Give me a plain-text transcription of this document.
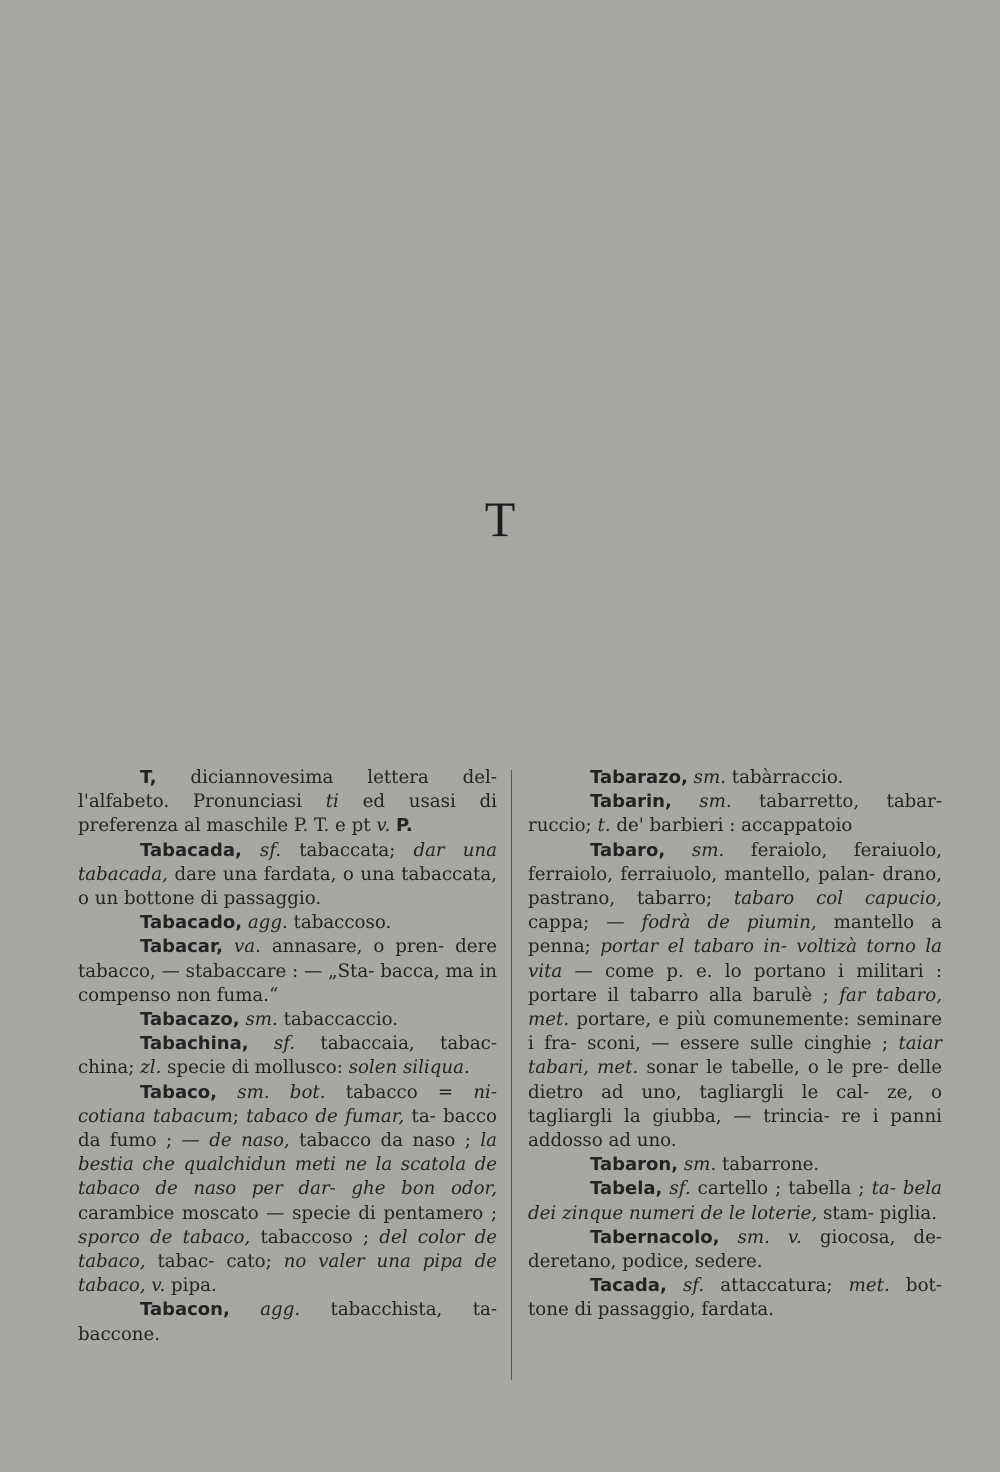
T

T, diciannovesima lettera del- l'alfabeto. Pronunciasi ti ed usasi di preferenza al maschile P. T. e pt v. P.

Tabacada, sf. tabaccata; dar una tabacada, dare una fardata, o una tabaccata, o un bottone di passaggio.

Tabacado, agg. tabaccoso.

Tabacar, va. annasare, o pren- dere tabacco, — stabaccare : — „Sta- bacca, ma in compenso non fuma.“

Tabacazo, sm. tabaccaccio.

Tabachina, sf. tabaccaia, tabac- china; zl. specie di mollusco: solen siliqua.

Tabaco, sm. bot. tabacco = ni- cotiana tabacum; tabaco de fumar, ta- bacco da fumo ; — de naso, tabacco da naso ; la bestia che qualchidun meti ne la scatola de tabaco de naso per dar- ghe bon odor, carambice moscato — specie di pentamero ; sporco de tabaco, tabaccoso ; del color de tabaco, tabac- cato; no valer una pipa de tabaco, v. pipa.

Tabacon, agg. tabacchista, ta- baccone.

Tabarazo, sm. tabàrraccio.

Tabarin, sm. tabarretto, tabar- ruccio; t. de' barbieri : accappatoio

Tabaro, sm. feraiolo, feraiuolo, ferraiolo, ferraiuolo, mantello, palan- drano, pastrano, tabarro; tabaro col capucio, cappa; — fodrà de piumin, mantello a penna; portar el tabaro in- voltizà torno la vita — come p. e. lo portano i militari : portare il tabarro alla barulè ; far tabaro, met. portare, e più comunemente: seminare i fra- sconi, — essere sulle cinghie ; taiar tabari, met. sonar le tabelle, o le pre- delle dietro ad uno, tagliargli le cal- ze, o tagliargli la giubba, — trincia- re i panni addosso ad uno.

Tabaron, sm. tabarrone.

Tabela, sf. cartello ; tabella ; ta- bela dei zinque numeri de le loterie, stam- piglia.

Tabernacolo, sm. v. giocosa, de- deretano, podice, sedere.

Tacada, sf. attaccatura; met. bot- tone di passaggio, fardata.
